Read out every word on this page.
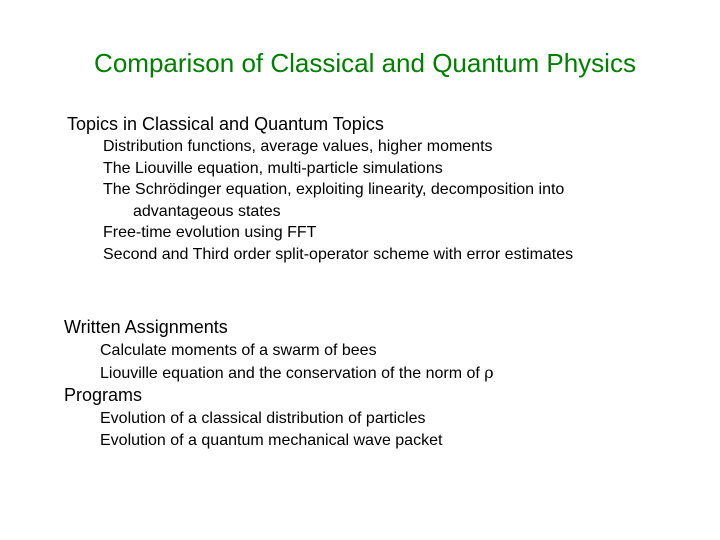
Comparison of Classical and Quantum Physics

Topics in Classical and Quantum Topics

Distribution functions, average values, higher moments

The Liouville equation, multi-particle simulations

The Schrödinger equation, exploiting linearity, decomposition into

advantageous states

Free-time evolution using FFT

Second and Third order split-operator scheme with error estimates

Written Assignments

Calculate moments of a swarm of bees

Liouville equation and the conservation of the norm of ρ

Programs

Evolution of a classical distribution of particles

Evolution of a quantum mechanical wave packet
